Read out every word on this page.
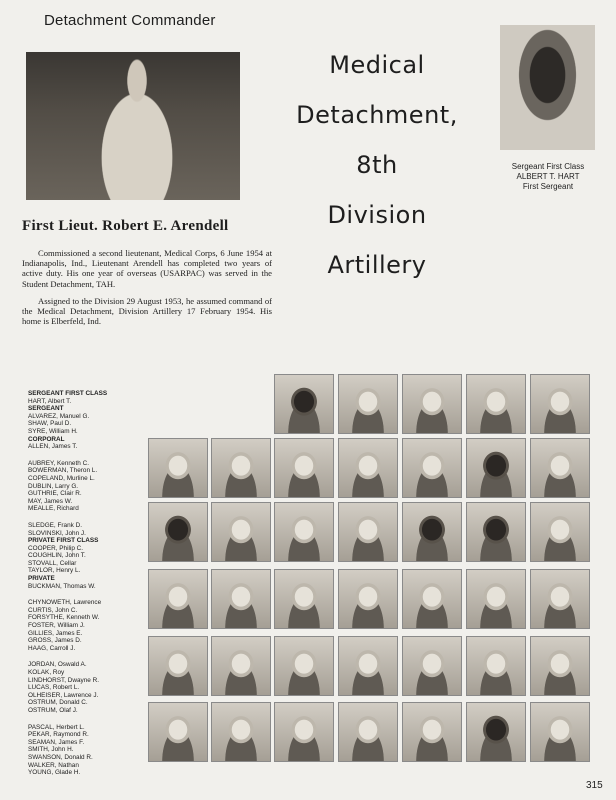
Detachment Commander
Medical
Detachment,
8th
Division
Artillery
Sergeant First Class
ALBERT T. HART
First Sergeant
First Lieut. Robert E. Arendell

Commissioned a second lieutenant, Medical Corps, 6 June 1954 at Indianapolis, Ind., Lieutenant Arendell has completed two years of active duty. His one year of overseas (USARPAC) was served in the Student Detachment, TAH.

Assigned to the Division 29 August 1953, he assumed command of the Medical Detachment, Division Artillery 17 February 1954. His home is Elberfeld, Ind.

SERGEANT FIRST CLASS
HART, Albert T.
SERGEANT
ALVAREZ, Manuel G.
SHAW, Paul D.
SYRE, William H.
CORPORAL
ALLEN, James T.
AUBREY, Kenneth C.
BOWERMAN, Theron L.
COPELAND, Murline L.
DUBLIN, Larry G.
GUTHRIE, Clair R.
MAY, James W.
MEALLE, Richard
SLEDGE, Frank D.
SLOVINSKI, John J.
PRIVATE FIRST CLASS
COOPER, Philip C.
COUGHLIN, John T.
STOVALL, Cellar
TAYLOR, Henry L.
PRIVATE
BUCKMAN, Thomas W.
CHYNOWETH, Lawrence
CURTIS, John C.
FORSYTHE, Kenneth W.
FOSTER, William J.
GILLIES, James E.
GROSS, James D.
HAAG, Carroll J.
JORDAN, Oswald A.
KOLAK, Roy
LINDHORST, Dwayne R.
LUCAS, Robert L.
OLHEISER, Lawrence J.
OSTRUM, Donald C.
OSTRUM, Olaf J.
PASCAL, Herbert L.
PEKAR, Raymond R.
SEAMAN, James F.
SMITH, John H.
SWANSON, Donald R.
WALKER, Nathan
YOUNG, Glade H.
315
